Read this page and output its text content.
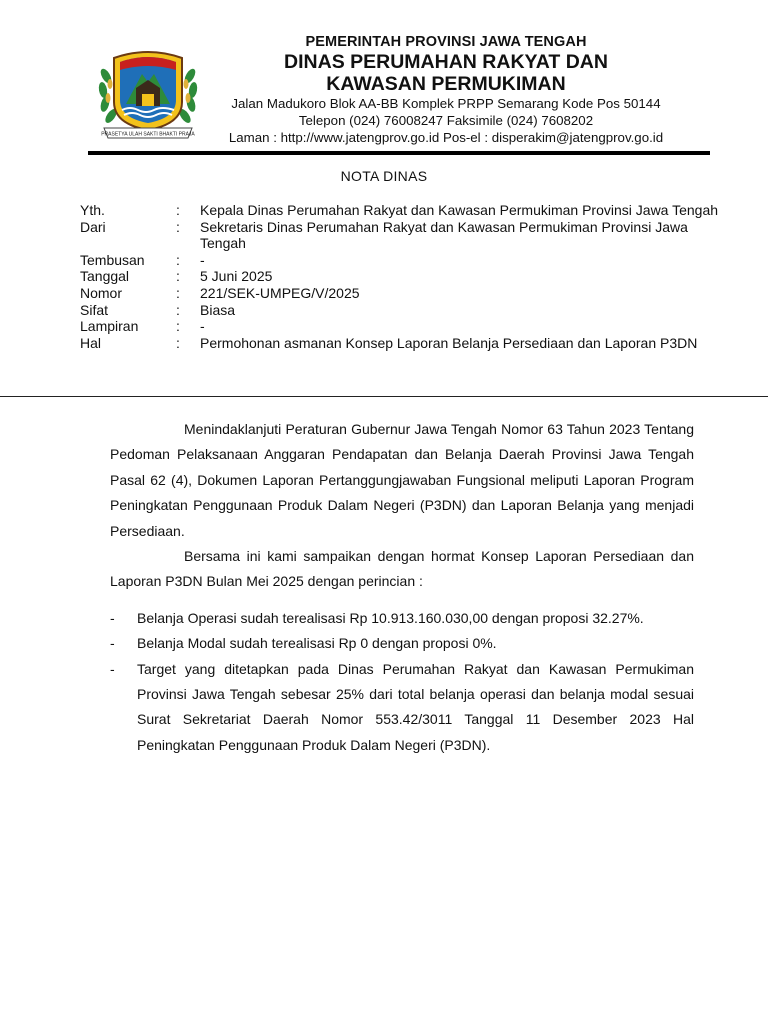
PRASETYA ULAH SAKTI BHAKTI PRAJA
PEMERINTAH PROVINSI JAWA TENGAH
DINAS PERUMAHAN RAKYAT DAN
KAWASAN PERMUKIMAN
Jalan Madukoro Blok AA-BB Komplek PRPP Semarang Kode Pos 50144
Telepon (024) 76008247 Faksimile (024) 7608202
Laman : http://www.jatengprov.go.id Pos-el : disperakim@jatengprov.go.id
NOTA DINAS
Yth.	:	Kepala Dinas Perumahan Rakyat dan Kawasan Permukiman Provinsi Jawa Tengah
Dari	:	Sekretaris Dinas Perumahan Rakyat dan Kawasan Permukiman Provinsi Jawa Tengah
Tembusan	:	-
Tanggal	:	5 Juni 2025
Nomor	:	221/SEK-UMPEG/V/2025
Sifat	:	Biasa
Lampiran	:	-
Hal	:	Permohonan asmanan Konsep Laporan Belanja Persediaan dan Laporan P3DN

Menindaklanjuti Peraturan Gubernur Jawa Tengah Nomor 63 Tahun 2023 Tentang Pedoman Pelaksanaan Anggaran Pendapatan dan Belanja Daerah Provinsi Jawa Tengah Pasal 62 (4), Dokumen Laporan Pertanggungjawaban Fungsional meliputi Laporan Program Peningkatan Penggunaan Produk Dalam Negeri (P3DN) dan Laporan Belanja yang menjadi Persediaan.

Bersama ini kami sampaikan dengan hormat Konsep Laporan Persediaan dan Laporan P3DN Bulan Mei 2025 dengan perincian :

- Belanja Operasi sudah terealisasi Rp 10.913.160.030,00 dengan proposi 32.27%.
- Belanja Modal sudah terealisasi Rp 0 dengan proposi 0%.
- Target yang ditetapkan pada Dinas Perumahan Rakyat dan Kawasan Permukiman Provinsi Jawa Tengah sebesar 25% dari total belanja operasi dan belanja modal sesuai Surat Sekretariat Daerah Nomor 553.42/3011 Tanggal 11 Desember 2023 Hal Peningkatan Penggunaan Produk Dalam Negeri (P3DN).
